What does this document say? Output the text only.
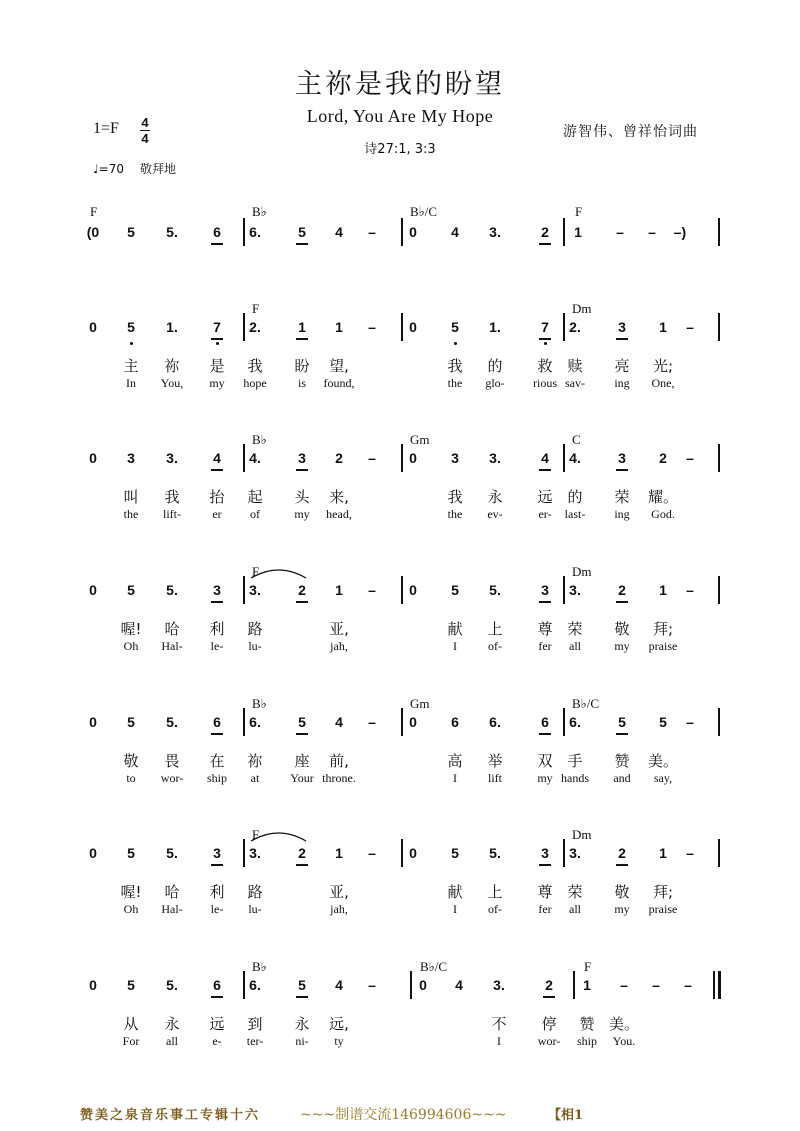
主祢是我的盼望
Lord, You Are My Hope
诗27:1, 3:3
1=F 4
4
♩=70 敬拜地
游智伟、曾祥怡词曲
(0	5	5.	6	6.	5	4	–	0	4	3.	2	1	–	–	–)
F	B♭	B♭/C	F
0	5	1.	7	2.	1	1	–	0	5	1.	7	2.	3	1	–
F	Dm
主	祢	是	我	盼	望,	我	的	救 赎	亮	光;
In	You,	my	hope	is	found,	the	glo-	rious sav-	ing	One,
0	3	3.	4	4.	3	2	–	0	3	3.	4	4.	3	2	–
B♭	Gm	C
叫	我	抬	起	头	来,	我	永	远 的	荣	耀。
the	lift-	er	of	my	head,	the	ev-	er-	last-	ing	God.
0	5	5.	3	3.	2	1	–	0	5	5.	3	3.	2	1	–
F	Dm
喔!	哈	利	路	亚,	献	上	尊 荣	敬	拜;
Oh	Hal-	le-	lu-	jah,	I	of-	fer	all	my	praise
0	5	5.	6	6.	5	4	–	0	6	6.	6	6.	5	5	–
B♭	Gm	B♭/C
敬	畏	在	祢	座	前,	高	举	双 手	赞	美。
to	wor-	ship	at	Your throne.	I	lift	my hands	and	say,
0	5	5.	3	3.	2	1	–	0	5	5.	3	3.	2	1	–
F	Dm
喔!	哈	利	路	亚,	献	上	尊 荣	敬	拜;
Oh	Hal-	le-	lu-	jah,	I	of-	fer	all	my	praise
0	5	5.	6	6.	5	4	–	0	4	3.	2	1	–	–	–
B♭	B♭/C	F
从	永	远	到	永	远,	不	停	赞 美。
For	all	e-	ter-	ni-	ty	I	wor-	ship	You.
赞美之泉音乐事工专辑十六	~~~制谱交流146994606~~~	【相1
